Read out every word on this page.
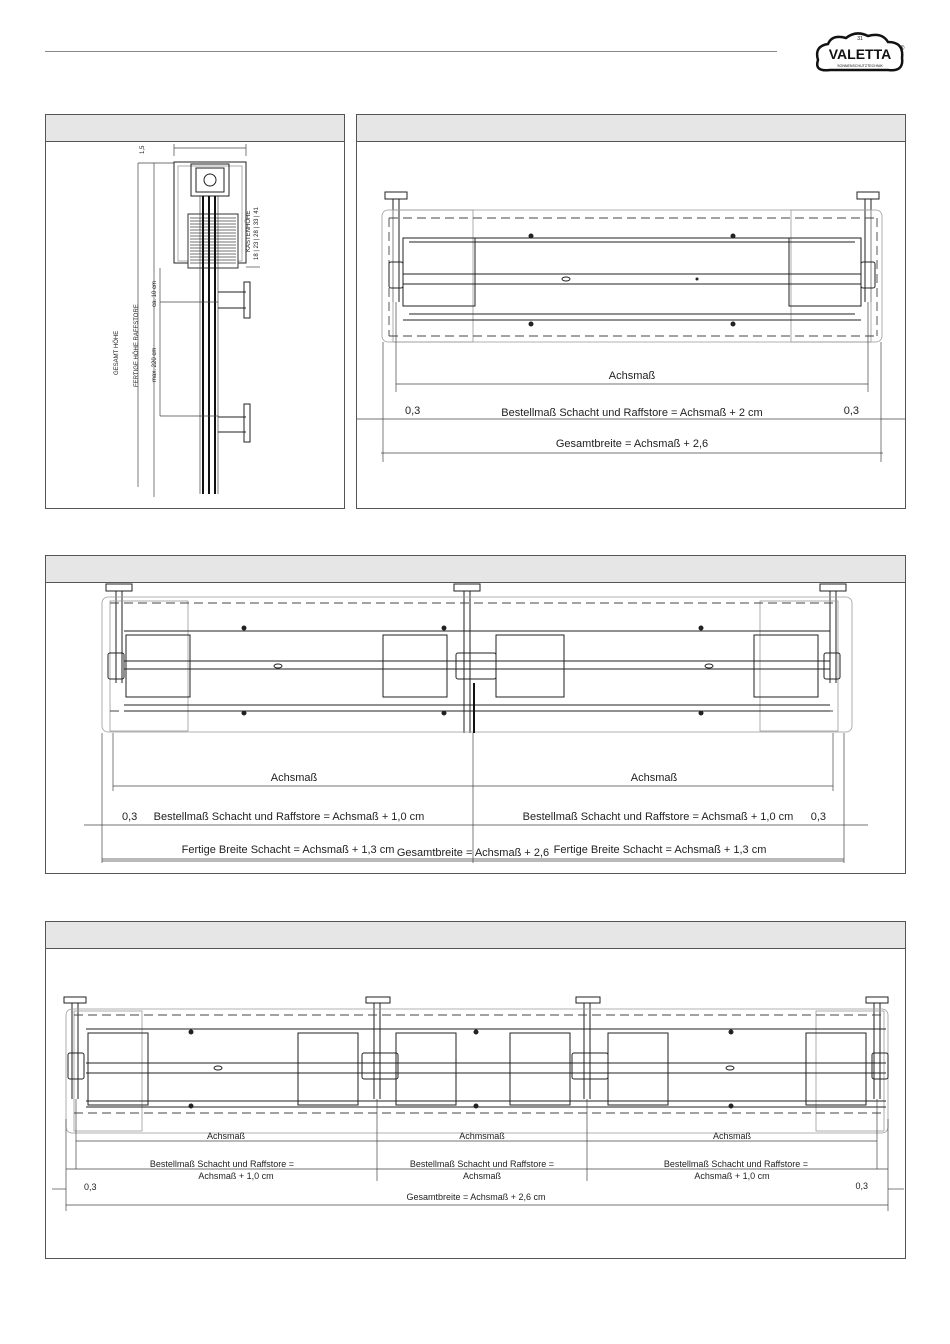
VALETTA ®
SONNENSCHUTZTECHNIK
31
1,5
KASTENHÖHE 18 | 23 | 28 | 33 | 41
ca. 10 cm
max. 220 cm
GESAMT HÖHE FERTIGE HÖHE RAFFSTORE	Achsmaß
0,3	0,3
Bestellmaß Schacht und Raffstore = Achsmaß + 2 cm
Gesamtbreite = Achsmaß + 2,6
Achsmaß	Achsmaß
0,3	0,3
Bestellmaß Schacht und Raffstore = Achsmaß + 1,0 cm	Bestellmaß Schacht und Raffstore = Achsmaß + 1,0 cm
Fertige Breite Schacht = Achsmaß + 1,3 cm	Fertige Breite Schacht = Achsmaß + 1,3 cm
Gesamtbreite = Achsmaß + 2,6
Achsmaß	Achmsmaß	Achsmaß
Bestellmaß Schacht und Raffstore =
Achsmaß + 1,0 cm
Bestellmaß Schacht und Raffstore =
Achsmaß
Bestellmaß Schacht und Raffstore =
Achsmaß + 1,0 cm
0,3	0,3
Gesamtbreite = Achsmaß + 2,6 cm
